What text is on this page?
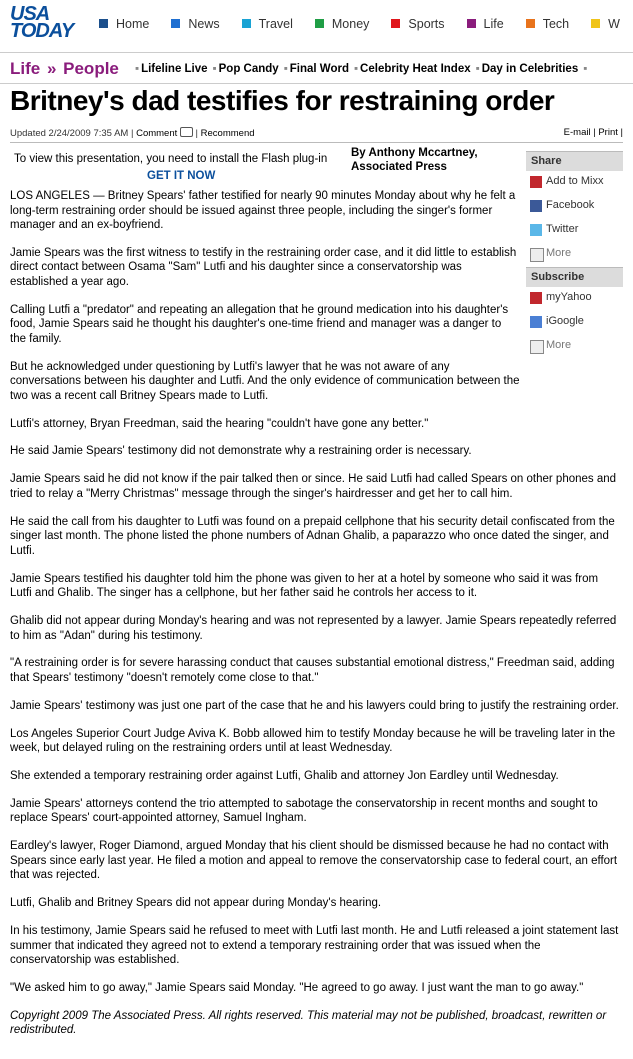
USA
TODAY	Home	News	Travel	Money	Sports	Life	Tech	W
Life » People ▪ Lifeline Live ▪ Pop Candy ▪ Final Word ▪ Celebrity Heat Index ▪ Day in Celebrities ▪
Britney's dad testifies for restraining order
Updated 2/24/2009 7:35 AM | Comment  | Recommend	E-mail | Print |
To view this presentation, you need to install the Flash plug-in
GET IT NOW
By Anthony Mccartney,
Associated Press

LOS ANGELES — Britney Spears' father testified for nearly 90 minutes Monday about why he felt a long-term restraining order should be issued against three people, including the singer's former manager and an ex-boyfriend.

Jamie Spears was the first witness to testify in the restraining order case, and it did little to establish direct contact between Osama "Sam" Lutfi and his daughter since a conservatorship was established a year ago.

Calling Lutfi a "predator" and repeating an allegation that he ground medication into his daughter's food, Jamie Spears said he thought his daughter's one-time friend and manager was a danger to the family.

But he acknowledged under questioning by Lutfi's lawyer that he was not aware of any conversations between his daughter and Lutfi. And the only evidence of communication between the two was a recent call Britney Spears made to Lutfi.

Lutfi's attorney, Bryan Freedman, said the hearing "couldn't have gone any better."

He said Jamie Spears' testimony did not demonstrate why a restraining order is necessary.

Jamie Spears said he did not know if the pair talked then or since. He said Lutfi had called Spears on other phones and tried to relay a "Merry Christmas" message through the singer's hairdresser and get her to call him.

He said the call from his daughter to Lutfi was found on a prepaid cellphone that his security detail confiscated from the singer last month. The phone listed the phone numbers of Adnan Ghalib, a paparazzo who once dated the singer, and Lutfi.

Jamie Spears testified his daughter told him the phone was given to her at a hotel by someone who said it was from Lutfi and Ghalib. The singer has a cellphone, but her father said he controls her access to it.

Ghalib did not appear during Monday's hearing and was not represented by a lawyer. Jamie Spears repeatedly referred to him as "Adan" during his testimony.

"A restraining order is for severe harassing conduct that causes substantial emotional distress," Freedman said, adding that Spears' testimony "doesn't remotely come close to that."

Jamie Spears' testimony was just one part of the case that he and his lawyers could bring to justify the restraining order.

Los Angeles Superior Court Judge Aviva K. Bobb allowed him to testify Monday because he will be traveling later in the week, but delayed ruling on the restraining orders until at least Wednesday.

She extended a temporary restraining order against Lutfi, Ghalib and attorney Jon Eardley until Wednesday.

Jamie Spears' attorneys contend the trio attempted to sabotage the conservatorship in recent months and sought to replace Spears' court-appointed attorney, Samuel Ingham.

Eardley's lawyer, Roger Diamond, argued Monday that his client should be dismissed because he had no contact with Spears since early last year. He filed a motion and appeal to remove the conservatorship case to federal court, an effort that was rejected.

Lutfi, Ghalib and Britney Spears did not appear during Monday's hearing.

In his testimony, Jamie Spears said he refused to meet with Lutfi last month. He and Lutfi released a joint statement last summer that indicated they agreed not to extend a temporary restraining order that was issued when the conservatorship was established.

"We asked him to go away," Jamie Spears said Monday. "He agreed to go away. I just want the man to go away."

Copyright 2009 The Associated Press. All rights reserved. This material may not be published, broadcast, rewritten or redistributed.

Share
Add to Mixx
Facebook
Twitter
More
Subscribe
myYahoo
iGoogle
More
